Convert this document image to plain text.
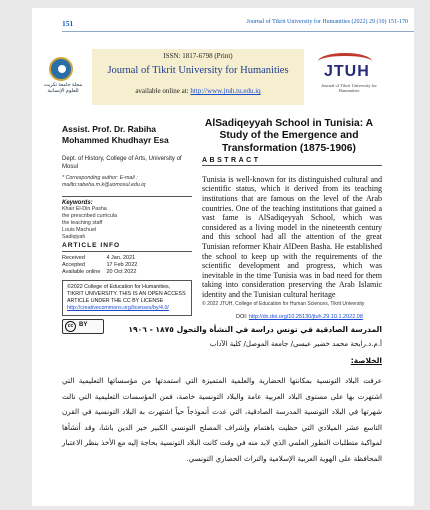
151	Journal of Tikrit University for Humanities (2022) 29 (10) 151-170
مجلة جامعة تكريت للعلوم الإنسانية
ISSN: 1817-6798 (Print)
Journal of Tikrit University for Humanities
available online at: http://www.jtuh.tu.edu.iq
JTUH
Journal of Tikrit University for Humanities
Assist. Prof. Dr. Rabiha Mohammed Khudhayr Esa
Dept. of History, College of Arts, University of Mosul
* Corresponding author: E-mail : mailto:rabeha.m.k@uomosul.edu.iq
Keywords:
Khair El-Din Pasha
the prescribed curricula
the teaching staff
Louis Machuel
Sadiqiyah
ARTICLE INFO
Received	4 Jan. 2021
Accepted	17 Feb 2022
Available online	20 Oct 2022
©2022 College of Education for Humanities, TIKRIT UNIVERSITY. THIS IS AN OPEN ACCESS ARTICLE UNDER THE CC BY LICENSE http://creativecommons.org/licenses/by/4.0/
cc BY
AlSadiqeyyah School in Tunisia: A Study of the Emergence and Transformation (1875-1906)
ABSTRACT
Tunisia is well-known for its distinguished cultural and scientific status, which it derived from its teaching institutions that are famous on the level of the Arab countries. One of the teaching institutions that gained a vast fame is AlSadiqeyyah School, which was considered as a living model in the nineteenth century and this school had all the attention of the great Tunisian reformer Khair AlDeen Basha. He established the school to keep up with the requirements of the scientific development and progress, which was inevitable in the time Tunisia was in bad need for them taking into consideration preserving the Arab Islamic identity and the Tunisian cultural heritage
© 2022 JTUH, College of Education for Human Sciences, Tikrit University
DOI: http://dx.doi.org/10.25130/jtuh.29.10.1.2022.08
المدرسة الصادقية في تونس دراسة في النشأة والتحول ١٨٧٥ - ١٩٠٦
أ.م.د.رابحة محمد خضير عيسى/ جامعة الموصل/ كلية الآداب
الخلاصة:
عرفت البلاد التونسية بمكانتها الحضارية والعلمية المتميزة التي استمدتها من مؤسساتها التعليمية التي اشتهرت بها على مستوى البلاد العربية عامة والبلاد التونسية خاصة، فمن المؤسسات التعليمية التي نالت شهرتها في البلاد التونسية المدرسة الصادقية، التي غدت أنموذجاً حياً اشتهرت به البلاد التونسية في القرن التاسع عشر الميلادي التي حظيت باهتمام وإشراف المصلح التونسي الكبير خير الدين باشا، وقد أنشأها لمواكبة متطلبات التطور العلمي الذي لابد منه في وقت كانت البلاد التونسية بحاجة إليه مع الأخذ بنظر الاعتبار المحافظة على الهوية العربية الإسلامية والتراث الحضاري التونسي.
